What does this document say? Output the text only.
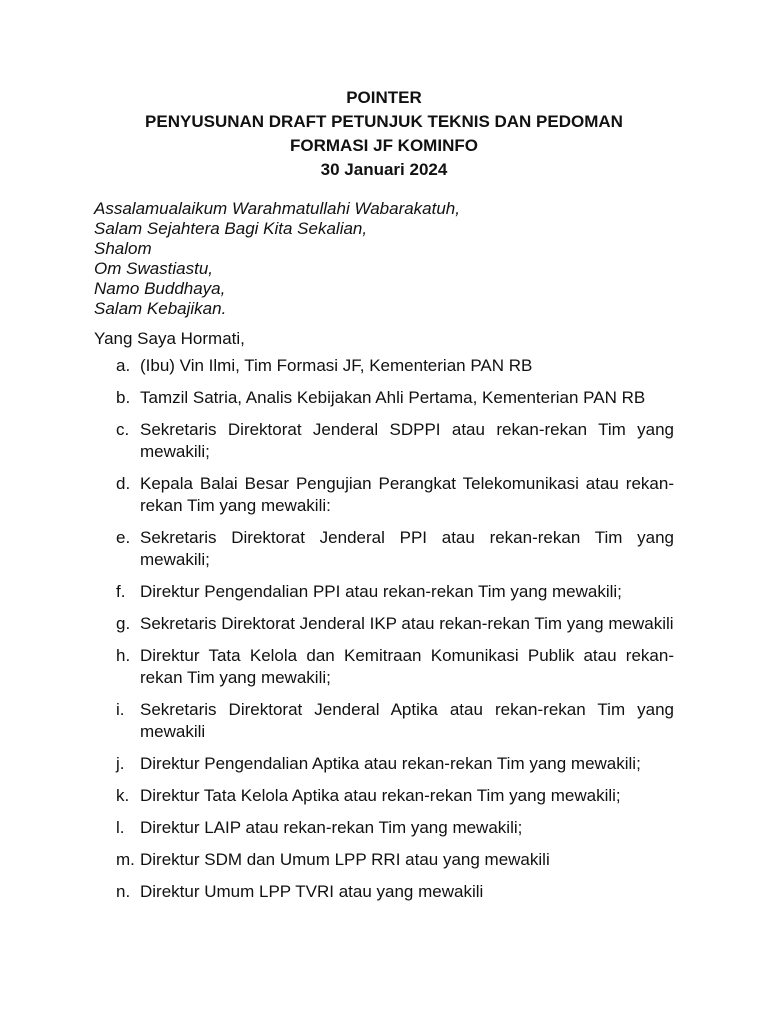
POINTER
PENYUSUNAN DRAFT PETUNJUK TEKNIS DAN PEDOMAN
FORMASI JF KOMINFO
30 Januari 2024
Assalamualaikum Warahmatullahi Wabarakatuh,
Salam Sejahtera Bagi Kita Sekalian,
Shalom
Om Swastiastu,
Namo Buddhaya,
Salam Kebajikan.
Yang Saya Hormati,
a. (Ibu) Vin Ilmi, Tim Formasi JF, Kementerian PAN RB
b. Tamzil Satria, Analis Kebijakan Ahli Pertama, Kementerian PAN RB
c. Sekretaris Direktorat Jenderal SDPPI atau rekan-rekan Tim yang mewakili;
d. Kepala Balai Besar Pengujian Perangkat Telekomunikasi atau rekan-rekan Tim yang mewakili:
e. Sekretaris Direktorat Jenderal PPI atau rekan-rekan Tim yang mewakili;
f. Direktur Pengendalian PPI atau rekan-rekan Tim yang mewakili;
g. Sekretaris Direktorat Jenderal IKP atau rekan-rekan Tim yang mewakili
h. Direktur Tata Kelola dan Kemitraan Komunikasi Publik atau rekan-rekan Tim yang mewakili;
i. Sekretaris Direktorat Jenderal Aptika atau rekan-rekan Tim yang mewakili
j. Direktur Pengendalian Aptika atau rekan-rekan Tim yang mewakili;
k. Direktur Tata Kelola Aptika atau rekan-rekan Tim yang mewakili;
l. Direktur LAIP atau rekan-rekan Tim yang mewakili;
m. Direktur SDM dan Umum LPP RRI atau yang mewakili
n. Direktur Umum LPP TVRI atau yang mewakili
